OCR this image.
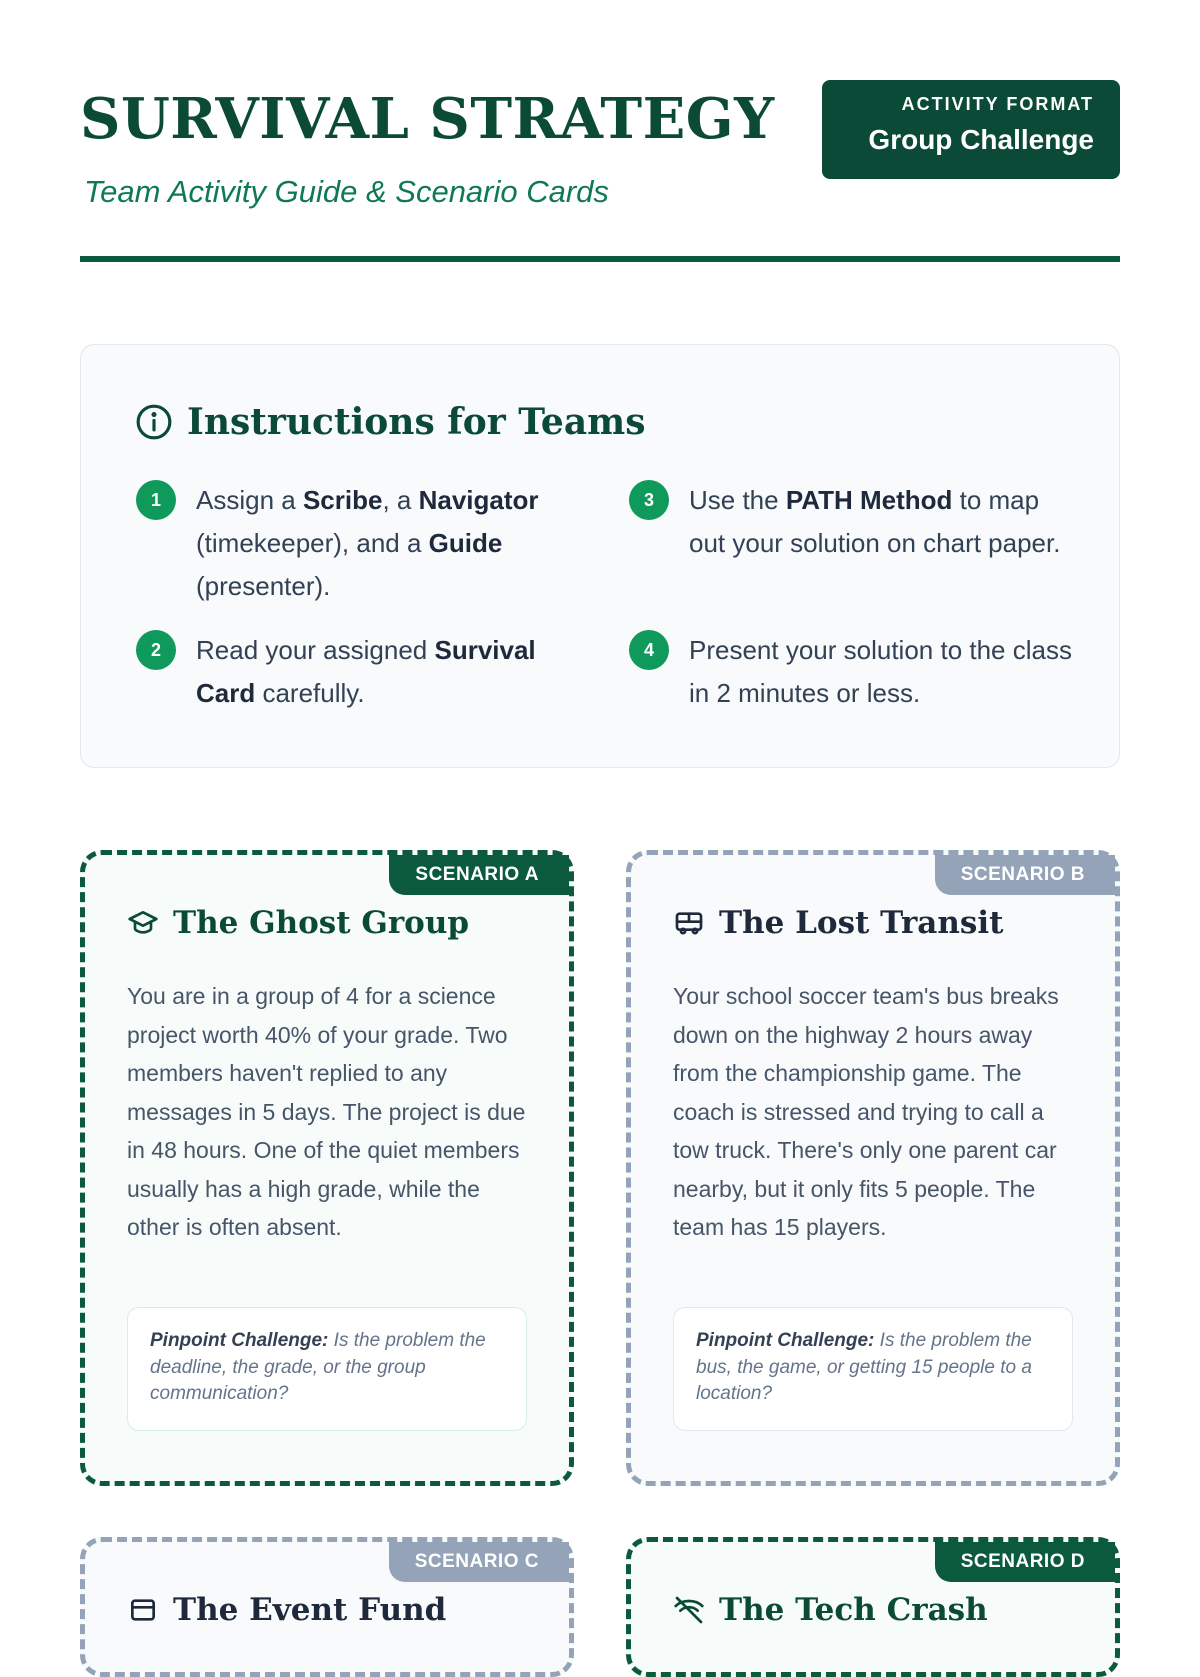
SURVIVAL STRATEGY
Team Activity Guide & Scenario Cards
ACTIVITY FORMAT
Group Challenge
Instructions for Teams
1	Assign a Scribe, a Navigator (timekeeper), and a Guide (presenter).

2	Read your assigned Survival Card carefully.

3	Use the PATH Method to map out your solution on chart paper.

4	Present your solution to the class in 2 minutes or less.

SCENARIO A
The Ghost Group

You are in a group of 4 for a science project worth 40% of your grade. Two members haven't replied to any messages in 5 days. The project is due in 48 hours. One of the quiet members usually has a high grade, while the other is often absent.

Pinpoint Challenge: Is the problem the deadline, the grade, or the group communication?
SCENARIO B
The Lost Transit

Your school soccer team's bus breaks down on the highway 2 hours away from the championship game. The coach is stressed and trying to call a tow truck. There's only one parent car nearby, but it only fits 5 people. The team has 15 players.

Pinpoint Challenge: Is the problem the bus, the game, or getting 15 people to a location?
SCENARIO C
The Event Fund
SCENARIO D
The Tech Crash
